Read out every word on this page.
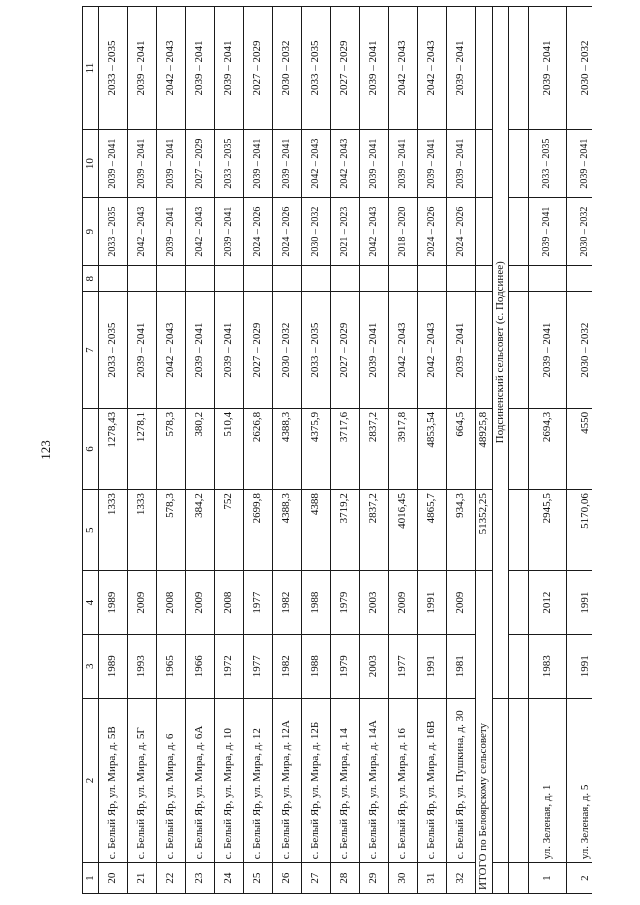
123
1	2	3	4	5	6	7	8	9	10	11
20	с. Белый Яр, ул. Мира, д. 5В	1989	1989	1333	1278,43	2033 – 2035		2033 – 2035	2039 – 2041	2033 – 2035
21	с. Белый Яр, ул. Мира, д. 5Г	1993	2009	1333	1278,1	2039 – 2041		2042 – 2043	2039 – 2041	2039 – 2041
22	с. Белый Яр, ул. Мира, д. 6	1965	2008	578,3	578,3	2042 – 2043		2039 – 2041	2039 – 2041	2042 – 2043
23	с. Белый Яр, ул. Мира, д. 6А	1966	2009	384,2	380,2	2039 – 2041		2042 – 2043	2027 – 2029	2039 – 2041
24	с. Белый Яр, ул. Мира, д. 10	1972	2008	752	510,4	2039 – 2041		2039 – 2041	2033 – 2035	2039 – 2041
25	с. Белый Яр, ул. Мира, д. 12	1977	1977	2699,8	2626,8	2027 – 2029		2024 – 2026	2039 – 2041	2027 – 2029
26	с. Белый Яр, ул. Мира, д. 12А	1982	1982	4388,3	4388,3	2030 – 2032		2024 – 2026	2039 – 2041	2030 – 2032
27	с. Белый Яр, ул. Мира, д. 12Б	1988	1988	4388	4375,9	2033 – 2035		2030 – 2032	2042 – 2043	2033 – 2035
28	с. Белый Яр, ул. Мира, д. 14	1979	1979	3719,2	3717,6	2027 – 2029		2021 – 2023	2042 – 2043	2027 – 2029
29	с. Белый Яр, ул. Мира, д. 14А	2003	2003	2837,2	2837,2	2039 – 2041		2042 – 2043	2039 – 2041	2039 – 2041
30	с. Белый Яр, ул. Мира, д. 16	1977	2009	4016,45	3917,8	2042 – 2043		2018 – 2020	2039 – 2041	2042 – 2043
31	с. Белый Яр, ул. Мира, д. 16В	1991	1991	4865,7	4853,54	2042 – 2043		2024 – 2026	2039 – 2041	2042 – 2043
32	с. Белый Яр, ул. Пушкина, д. 30	1981	2009	934,3	664,5	2039 – 2041		2024 – 2026	2039 – 2041	2039 – 2041
ИТОГО по Белоярскому сельсовету				51352,25	48925,8					
		Подсиненский сельсовет (с. Подсинее)								

1	ул. Зеленая, д. 1	1983	2012	2945,5	2694,3	2039 – 2041		2039 – 2041	2033 – 2035	2039 – 2041
2	ул. Зеленая, д. 5	1991	1991	5170,06	4550	2030 – 2032		2030 – 2032	2039 – 2041	2030 – 2032
